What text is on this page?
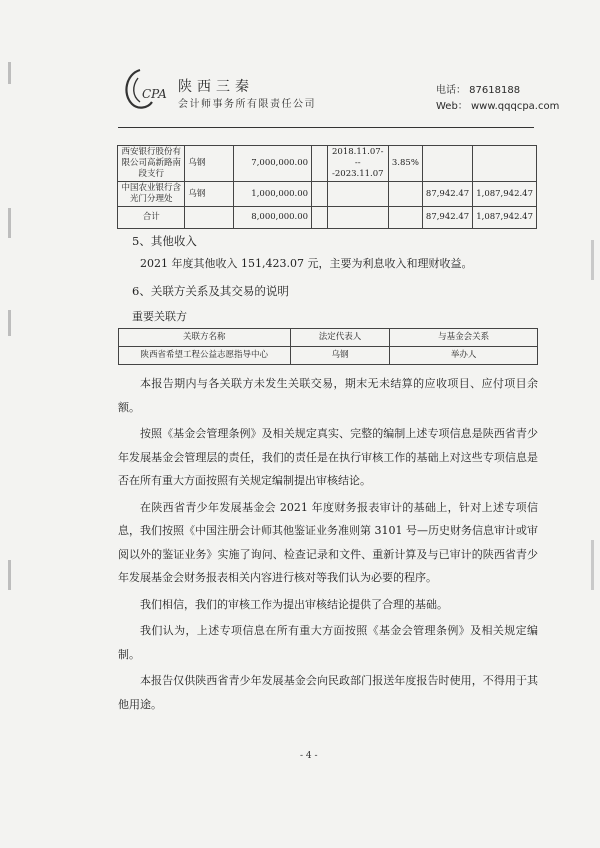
CPA 陕西三秦
会计师事务所有限责任公司
电话： 87618188
Web： www.qqqcpa.com
西安银行股份有限公司高新路南段支行	乌钢	7,000,000.00		2018.11.07---
-2023.11.07	3.85%		
中国农业银行含光门分理处	乌钢	1,000,000.00				87,942.47	1,087,942.47
合计		8,000,000.00				87,942.47	1,087,942.47
5、其他收入

2021 年度其他收入 151,423.07 元，主要为利息收入和理财收益。

6、关联方关系及其交易的说明
重要关联方
关联方名称	法定代表人	与基金会关系
陕西省希望工程公益志愿指导中心	乌钢	举办人

本报告期内与各关联方未发生关联交易，期末无未结算的应收项目、应付项目余额。

按照《基金会管理条例》及相关规定真实、完整的编制上述专项信息是陕西省青少年发展基金会管理层的责任，我们的责任是在执行审核工作的基础上对这些专项信息是否在所有重大方面按照有关规定编制提出审核结论。

在陕西省青少年发展基金会 2021 年度财务报表审计的基础上，针对上述专项信息，我们按照《中国注册会计师其他鉴证业务准则第 3101 号—历史财务信息审计或审阅以外的鉴证业务》实施了询问、检查记录和文件、重新计算及与已审计的陕西省青少年发展基金会财务报表相关内容进行核对等我们认为必要的程序。

我们相信，我们的审核工作为提出审核结论提供了合理的基础。

我们认为，上述专项信息在所有重大方面按照《基金会管理条例》及相关规定编制。

本报告仅供陕西省青少年发展基金会向民政部门报送年度报告时使用，不得用于其他用途。

- 4 -
